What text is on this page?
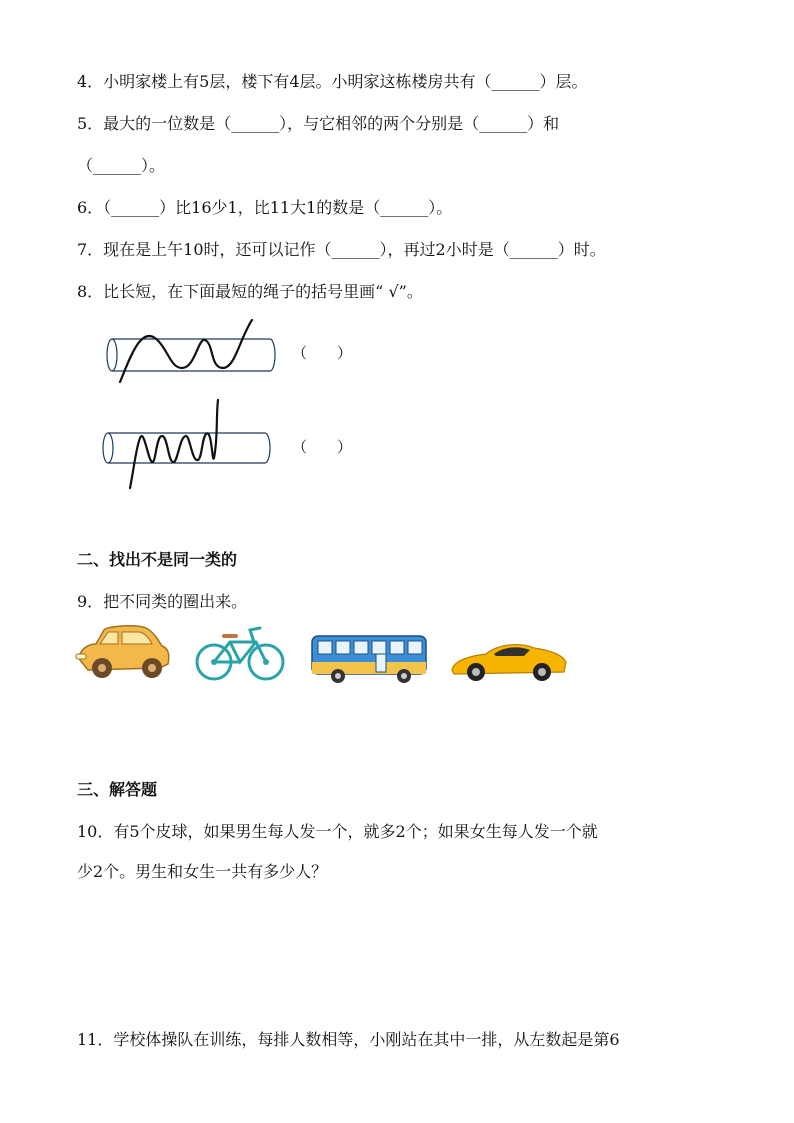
4．小明家楼上有5层，楼下有4层。小明家这栋楼房共有（______）层。
5．最大的一位数是（______），与它相邻的两个分别是（______）和
（______）。
6．（______）比16少1，比11大1的数是（______）。
7．现在是上午10时，还可以记作（______），再过2小时是（______）时。
8．比长短，在下面最短的绳子的括号里画“ √”。
（　　）
（　　）
二、找出不是同一类的
9．把不同类的圈出来。
三、解答题
10．有5个皮球，如果男生每人发一个，就多2个；如果女生每人发一个就
少2个。男生和女生一共有多少人？
11．学校体操队在训练，每排人数相等，小刚站在其中一排，从左数起是第6
